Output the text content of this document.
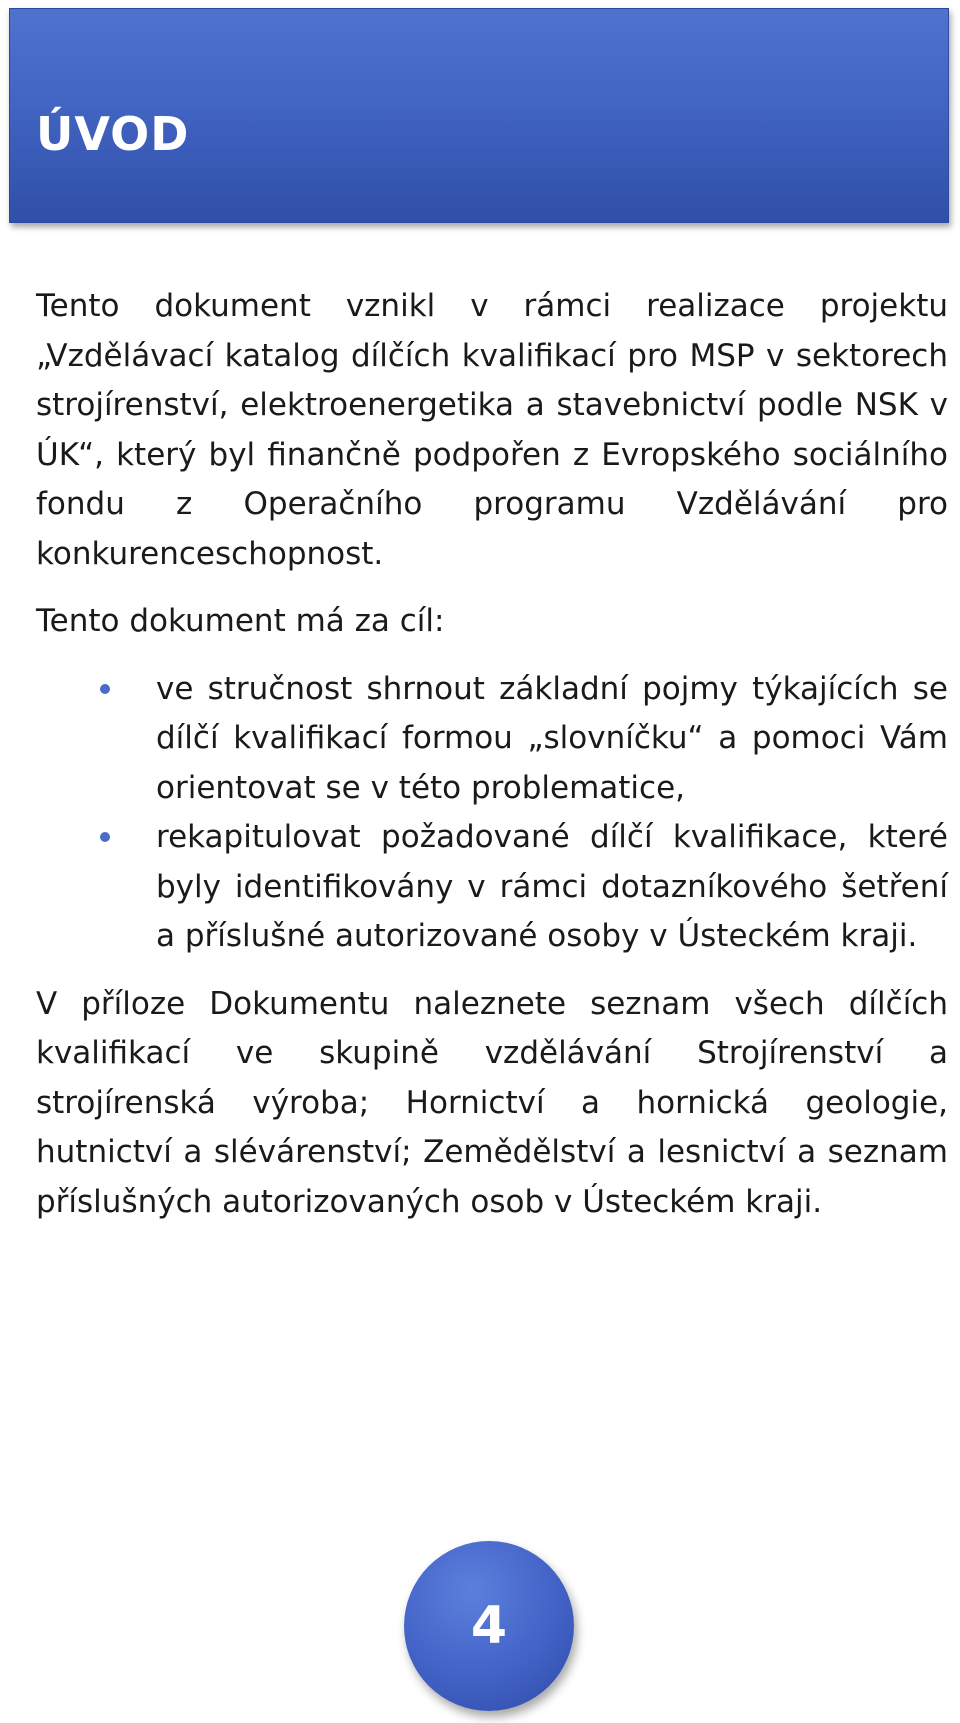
ÚVOD

Tento dokument vznikl v rámci realizace projektu „Vzdělávací katalog dílčích kvalifikací pro MSP v sektorech strojírenství, elektroenergetika a stavebnictví podle NSK v ÚK“, který byl finančně podpořen z Evropského sociálního fondu z Operačního programu Vzdělávání pro konkurenceschopnost.

Tento dokument má za cíl:

ve stručnost shrnout základní pojmy týkajících se dílčí kvalifikací formou „slovníčku“ a pomoci Vám orientovat se v této problematice,
rekapitulovat požadované dílčí kvalifikace, které byly identifikovány v rámci dotazníkového šetření a příslušné autorizované osoby v Ústeckém kraji.

V příloze Dokumentu naleznete seznam všech dílčích kvalifikací ve skupině vzdělávání Strojírenství a strojírenská výroba; Hornictví a hornická geologie, hutnictví a slévárenství; Zemědělství a lesnictví a seznam příslušných autorizovaných osob v Ústeckém kraji.

4
